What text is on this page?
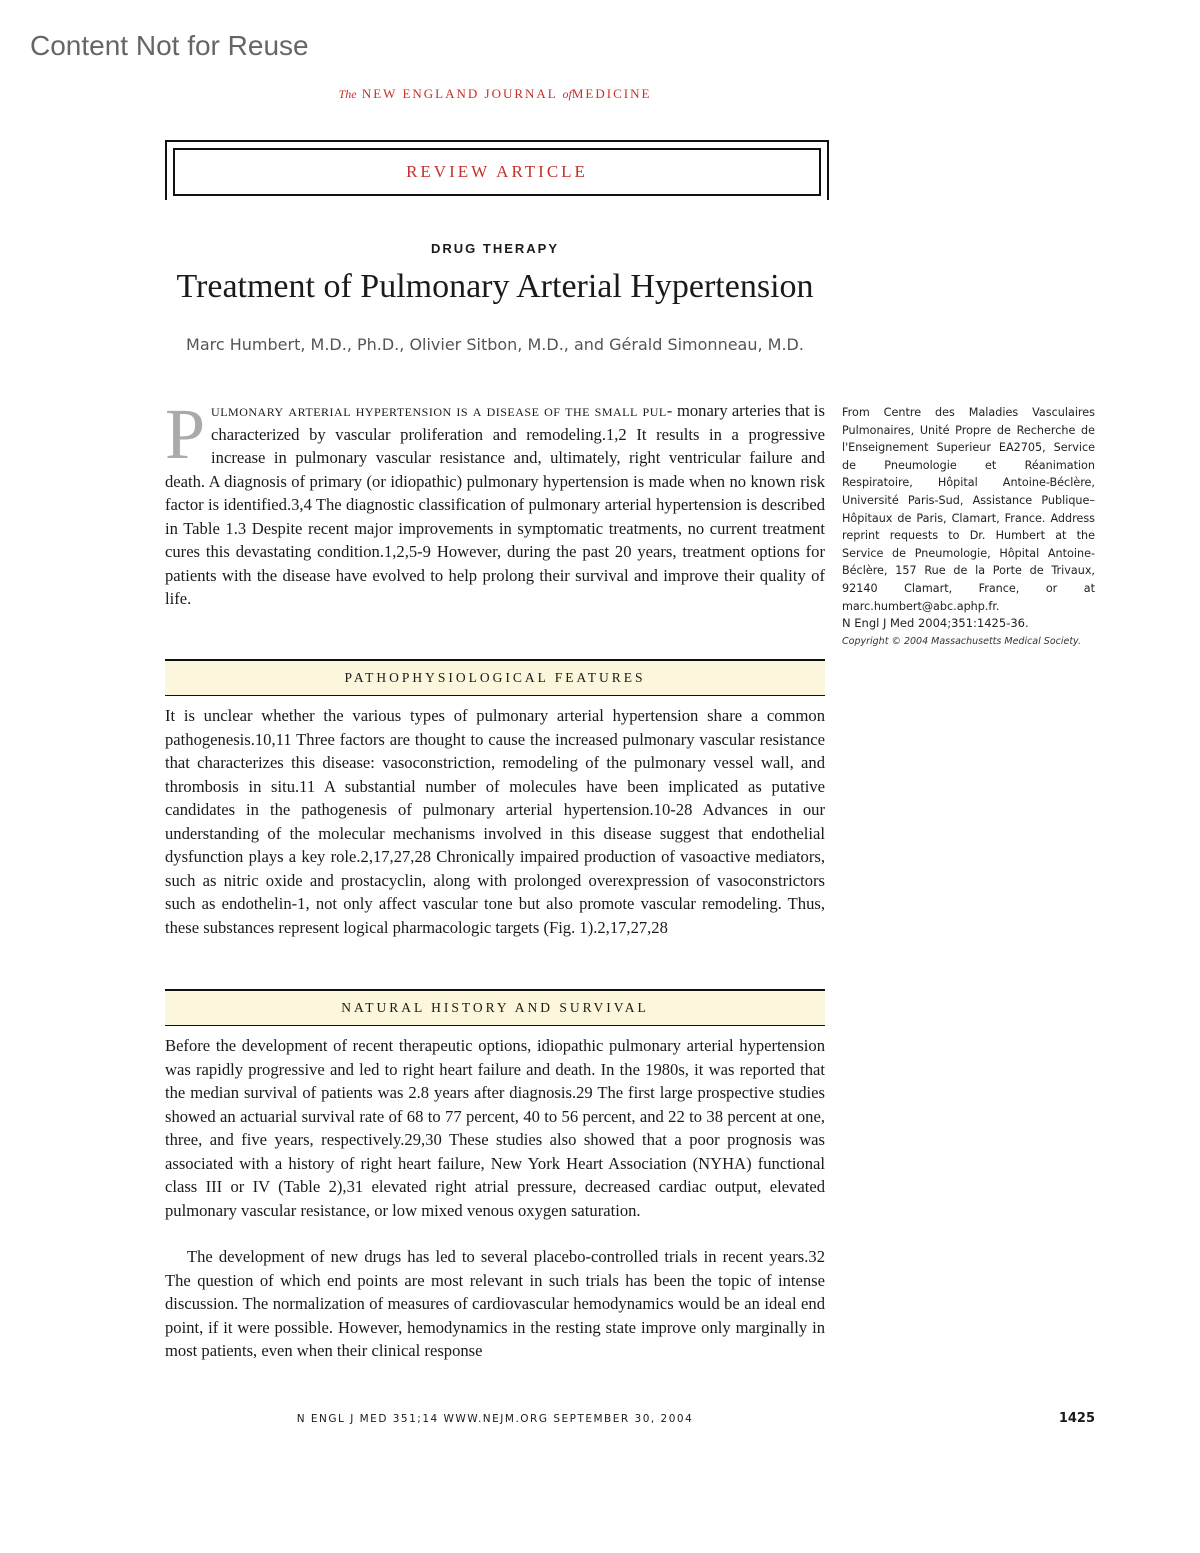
Content Not for Reuse
The NEW ENGLAND JOURNAL ofMEDICINE
REVIEW ARTICLE
DRUG THERAPY
Treatment of Pulmonary Arterial Hypertension
Marc Humbert, M.D., Ph.D., Olivier Sitbon, M.D., and Gérald Simonneau, M.D.
Pulmonary arterial hypertension is a disease of the small pul- monary arteries that is characterized by vascular proliferation and remodeling.1,2 It results in a progressive increase in pulmonary vascular resistance and, ultimately, right ventricular failure and death. A diagnosis of primary (or idiopathic) pulmonary hypertension is made when no known risk factor is identified.3,4 The diagnostic classification of pulmonary arterial hypertension is described in Table 1.3 Despite recent major improvements in symptomatic treatments, no current treatment cures this devastating condition.1,2,5-9 However, during the past 20 years, treatment options for patients with the disease have evolved to help prolong their survival and improve their quality of life.
From Centre des Maladies Vasculaires Pulmonaires, Unité Propre de Recherche de l'Enseignement Superieur EA2705, Service de Pneumologie et Réanimation Respiratoire, Hôpital Antoine-Béclère, Université Paris-Sud, Assistance Publique–Hôpitaux de Paris, Clamart, France. Address reprint requests to Dr. Humbert at the Service de Pneumologie, Hôpital Antoine-Béclère, 157 Rue de la Porte de Trivaux, 92140 Clamart, France, or at marc.humbert@abc.aphp.fr.
N Engl J Med 2004;351:1425-36.
Copyright © 2004 Massachusetts Medical Society.
PATHOPHYSIOLOGICAL FEATURES
It is unclear whether the various types of pulmonary arterial hypertension share a common pathogenesis.10,11 Three factors are thought to cause the increased pulmonary vascular resistance that characterizes this disease: vasoconstriction, remodeling of the pulmonary vessel wall, and thrombosis in situ.11 A substantial number of molecules have been implicated as putative candidates in the pathogenesis of pulmonary arterial hypertension.10-28 Advances in our understanding of the molecular mechanisms involved in this disease suggest that endothelial dysfunction plays a key role.2,17,27,28 Chronically impaired production of vasoactive mediators, such as nitric oxide and prostacyclin, along with prolonged overexpression of vasoconstrictors such as endothelin-1, not only affect vascular tone but also promote vascular remodeling. Thus, these substances represent logical pharmacologic targets (Fig. 1).2,17,27,28
NATURAL HISTORY AND SURVIVAL
Before the development of recent therapeutic options, idiopathic pulmonary arterial hypertension was rapidly progressive and led to right heart failure and death. In the 1980s, it was reported that the median survival of patients was 2.8 years after diagnosis.29 The first large prospective studies showed an actuarial survival rate of 68 to 77 percent, 40 to 56 percent, and 22 to 38 percent at one, three, and five years, respectively.29,30 These studies also showed that a poor prognosis was associated with a history of right heart failure, New York Heart Association (NYHA) functional class III or IV (Table 2),31 elevated right atrial pressure, decreased cardiac output, elevated pulmonary vascular resistance, or low mixed venous oxygen saturation.
The development of new drugs has led to several placebo-controlled trials in recent years.32 The question of which end points are most relevant in such trials has been the topic of intense discussion. The normalization of measures of cardiovascular hemodynamics would be an ideal end point, if it were possible. However, hemodynamics in the resting state improve only marginally in most patients, even when their clinical response
N ENGL J MED 351;14 WWW.NEJM.ORG SEPTEMBER 30, 2004	1425
